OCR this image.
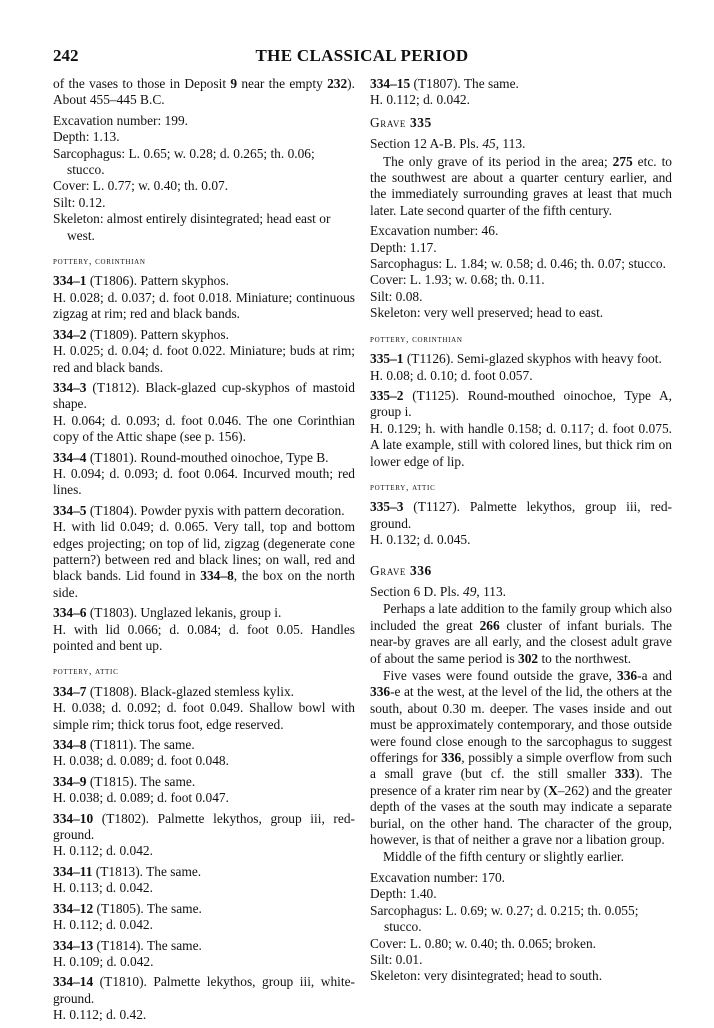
242	THE CLASSICAL PERIOD

of the vases to those in Deposit 9 near the empty 232). About 455–445 B.C.

Excavation number: 199.
Depth: 1.13.
Sarcophagus: L. 0.65; w. 0.28; d. 0.265; th. 0.06; stucco.
Cover: L. 0.77; w. 0.40; th. 0.07.
Silt: 0.12.
Skeleton: almost entirely disintegrated; head east or west.
pottery, corinthian
334–1 (T1806). Pattern skyphos.
H. 0.028; d. 0.037; d. foot 0.018. Miniature; continuous zigzag at rim; red and black bands.
334–2 (T1809). Pattern skyphos.
H. 0.025; d. 0.04; d. foot 0.022. Miniature; buds at rim; red and black bands.
334–3 (T1812). Black-glazed cup-skyphos of mastoid shape.
H. 0.064; d. 0.093; d. foot 0.046. The one Corinthian copy of the Attic shape (see p. 156).
334–4 (T1801). Round-mouthed oinochoe, Type B.
H. 0.094; d. 0.093; d. foot 0.064. Incurved mouth; red lines.
334–5 (T1804). Powder pyxis with pattern decoration.
H. with lid 0.049; d. 0.065. Very tall, top and bottom edges projecting; on top of lid, zigzag (degenerate cone pattern?) between red and black lines; on wall, red and black bands. Lid found in 334–8, the box on the north side.
334–6 (T1803). Unglazed lekanis, group i.
H. with lid 0.066; d. 0.084; d. foot 0.05. Handles pointed and bent up.
pottery, attic
334–7 (T1808). Black-glazed stemless kylix.
H. 0.038; d. 0.092; d. foot 0.049. Shallow bowl with simple rim; thick torus foot, edge reserved.
334–8 (T1811). The same.
H. 0.038; d. 0.089; d. foot 0.048.
334–9 (T1815). The same.
H. 0.038; d. 0.089; d. foot 0.047.
334–10 (T1802). Palmette lekythos, group iii, red-ground.
H. 0.112; d. 0.042.
334–11 (T1813). The same.
H. 0.113; d. 0.042.
334–12 (T1805). The same.
H. 0.112; d. 0.042.
334–13 (T1814). The same.
H. 0.109; d. 0.042.
334–14 (T1810). Palmette lekythos, group iii, white-ground.
H. 0.112; d. 0.42.
334–15 (T1807). The same.
H. 0.112; d. 0.042.
Grave 335

Section 12 A-B. Pls. 45, 113.

The only grave of its period in the area; 275 etc. to the southwest are about a quarter century earlier, and the immediately surrounding graves at least that much later. Late second quarter of the fifth century.

Excavation number: 46.
Depth: 1.17.
Sarcophagus: L. 1.84; w. 0.58; d. 0.46; th. 0.07; stucco.
Cover: L. 1.93; w. 0.68; th. 0.11.
Silt: 0.08.
Skeleton: very well preserved; head to east.
pottery, corinthian
335–1 (T1126). Semi-glazed skyphos with heavy foot.
H. 0.08; d. 0.10; d. foot 0.057.
335–2 (T1125). Round-mouthed oinochoe, Type A, group i.
H. 0.129; h. with handle 0.158; d. 0.117; d. foot 0.075. A late example, still with colored lines, but thick rim on lower edge of lip.
pottery, attic
335–3 (T1127). Palmette lekythos, group iii, red-ground.
H. 0.132; d. 0.045.
Grave 336

Section 6 D. Pls. 49, 113.

Perhaps a late addition to the family group which also included the great 266 cluster of infant burials. The near-by graves are all early, and the closest adult grave of about the same period is 302 to the northwest.

Five vases were found outside the grave, 336-a and 336-e at the west, at the level of the lid, the others at the south, about 0.30 m. deeper. The vases inside and out must be approximately contemporary, and those outside were found close enough to the sarcophagus to suggest offerings for 336, possibly a simple overflow from such a small grave (but cf. the still smaller 333). The presence of a krater rim near by (X–262) and the greater depth of the vases at the south may indicate a separate burial, on the other hand. The character of the group, however, is that of neither a grave nor a libation group.

Middle of the fifth century or slightly earlier.

Excavation number: 170.
Depth: 1.40.
Sarcophagus: L. 0.69; w. 0.27; d. 0.215; th. 0.055; stucco.
Cover: L. 0.80; w. 0.40; th. 0.065; broken.
Silt: 0.01.
Skeleton: very disintegrated; head to south.
